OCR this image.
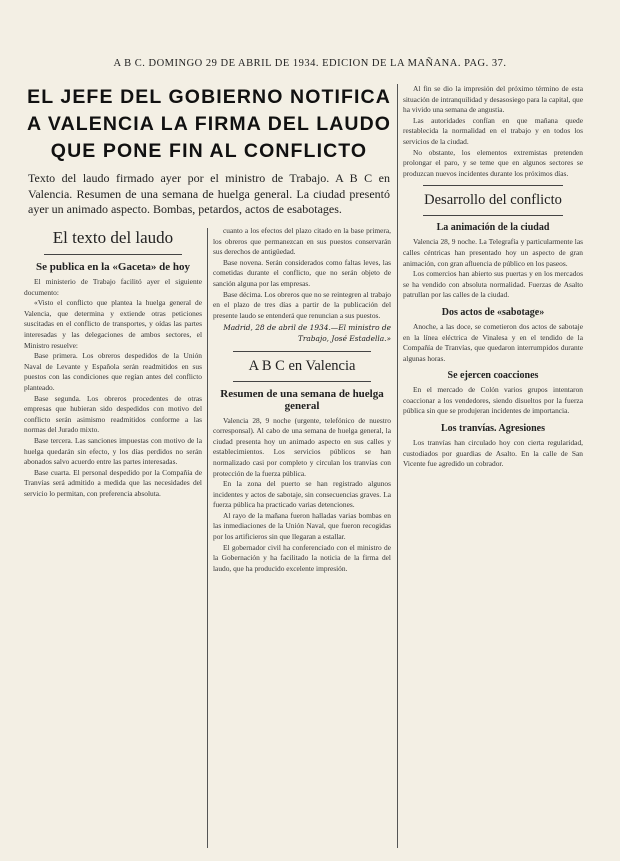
A B C. DOMINGO 29 DE ABRIL DE 1934. EDICION DE LA MAÑANA. PAG. 37.
EL JEFE DEL GOBIERNO NOTIFICA A VALENCIA LA FIRMA DEL LAUDO QUE PONE FIN AL CONFLICTO
Texto del laudo firmado ayer por el ministro de Trabajo. A B C en Valencia. Resumen de una semana de huelga general. La ciudad presentó ayer un animado aspecto. Bombas, petardos, actos de esabotages.
El texto del laudo
Se publica en la «Gaceta» de hoy

El ministerio de Trabajo facilitó ayer el siguiente documento:

«Visto el conflicto que plantea la huelga general de Valencia, que determina y extiende otras peticiones suscitadas en el conflicto de transportes, y oídas las partes interesadas y las delegaciones de ambos sectores, el Ministro resuelve:

Base primera. Los obreros despedidos de la Unión Naval de Levante y Española serán readmitidos en sus puestos con las condiciones que regían antes del conflicto planteado.

Base segunda. Los obreros procedentes de otras empresas que hubieran sido despedidos con motivo del conflicto serán asimismo readmitidos conforme a las normas del Jurado mixto.

Base tercera. Las sanciones impuestas con motivo de la huelga quedarán sin efecto, y los días perdidos no serán abonados salvo acuerdo entre las partes interesadas.

Base cuarta. El personal despedido por la Compañía de Tranvías será admitido a medida que las necesidades del servicio lo permitan, con preferencia absoluta.

cuanto a los efectos del plazo citado en la base primera, los obreros que permanezcan en sus puestos conservarán sus derechos de antigüedad.

Base novena. Serán considerados como faltas leves, las cometidas durante el conflicto, que no serán objeto de sanción alguna por las empresas.

Base décima. Los obreros que no se reintegren al trabajo en el plazo de tres días a partir de la publicación del presente laudo se entenderá que renuncian a sus puestos.

Madrid, 28 de abril de 1934.—El ministro de Trabajo, José Estadella.»

A B C en Valencia
Resumen de una semana de huelga general

Valencia 28, 9 noche (urgente, telefónico de nuestro corresponsal). Al cabo de una semana de huelga general, la ciudad presenta hoy un animado aspecto en sus calles y establecimientos. Los servicios públicos se han normalizado casi por completo y circulan los tranvías con protección de la fuerza pública.

En la zona del puerto se han registrado algunos incidentes y actos de sabotaje, sin consecuencias graves. La fuerza pública ha practicado varias detenciones.

Al rayo de la mañana fueron halladas varias bombas en las inmediaciones de la Unión Naval, que fueron recogidas por los artificieros sin que llegaran a estallar.

El gobernador civil ha conferenciado con el ministro de la Gobernación y ha facilitado la noticia de la firma del laudo, que ha producido excelente impresión.

Al fin se dio la impresión del próximo término de esta situación de intranquilidad y desasosiego para la capital, que ha vivido una semana de angustia.

Las autoridades confían en que mañana quede restablecida la normalidad en el trabajo y en todos los servicios de la ciudad.

No obstante, los elementos extremistas pretenden prolongar el paro, y se teme que en algunos sectores se produzcan nuevos incidentes durante los próximos días.

Desarrollo del conflicto
La animación de la ciudad

Valencia 28, 9 noche. La Telegrafía y particularmente las calles céntricas han presentado hoy un aspecto de gran animación, con gran afluencia de público en los paseos.

Los comercios han abierto sus puertas y en los mercados se ha vendido con absoluta normalidad. Fuerzas de Asalto patrullan por las calles de la ciudad.

Dos actos de «sabotage»

Anoche, a las doce, se cometieron dos actos de sabotaje en la línea eléctrica de Vinalesa y en el tendido de la Compañía de Tranvías, que quedaron interrumpidos durante algunas horas.

Se ejercen coacciones

En el mercado de Colón varios grupos intentaron coaccionar a los vendedores, siendo disueltos por la fuerza pública sin que se produjeran incidentes de importancia.

Los tranvías. Agresiones

Los tranvías han circulado hoy con cierta regularidad, custodiados por guardias de Asalto. En la calle de San Vicente fue agredido un cobrador.
